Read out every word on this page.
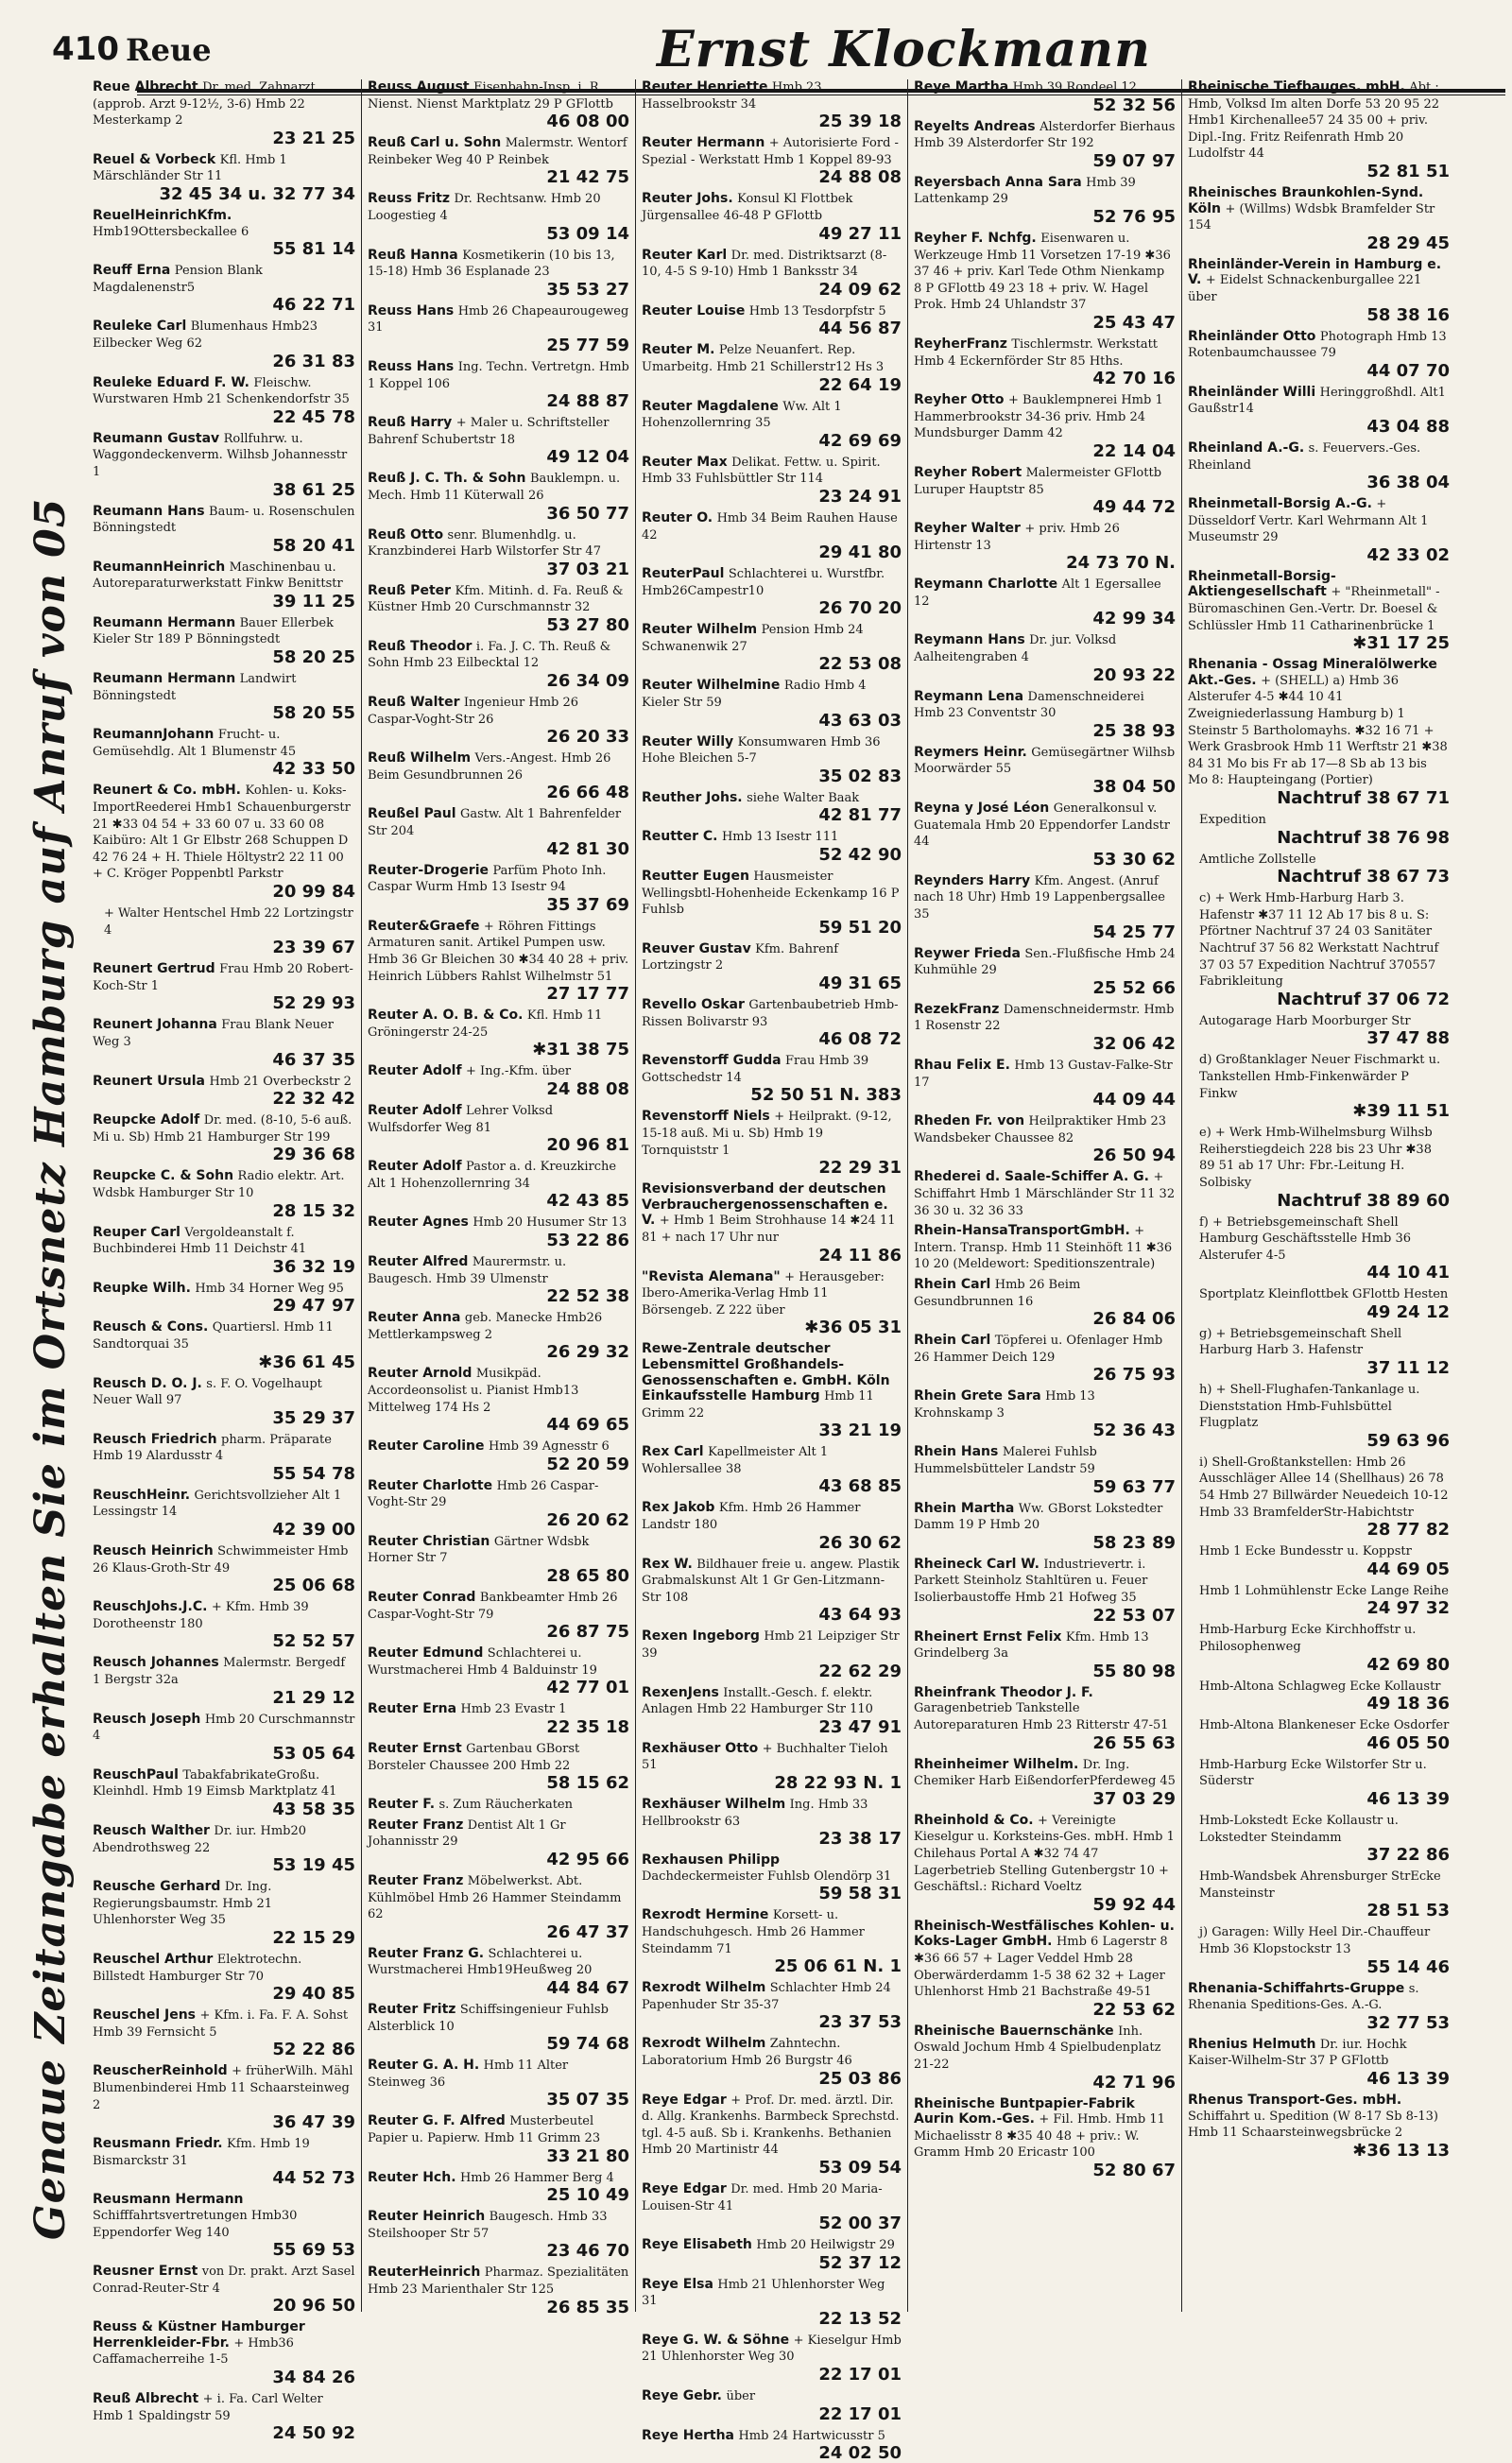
410 Reue	Ernst Klockmann
Genaue Zeitangabe erhalten Sie im Ortsnetz Hamburg auf Anruf von 05
Reue Albrecht Dr. med. Zahnarzt (approb. Arzt 9-12½, 3-6) Hmb 22 Mesterkamp 2
23 21 25
Reuel & Vorbeck Kfl. Hmb 1 Märschländer Str 11
32 45 34 u. 32 77 34
ReuelHeinrichKfm. Hmb19Ottersbeckallee 6
55 81 14
Reuff Erna Pension Blank Magdalenenstr5
46 22 71
Reuleke Carl Blumenhaus Hmb23 Eilbecker Weg 62
26 31 83
Reuleke Eduard F. W. Fleischw. Wurstwaren Hmb 21 Schenkendorfstr 35
22 45 78
Reumann Gustav Rollfuhrw. u. Waggondeckenverm. Wilhsb Johannesstr 1
38 61 25
Reumann Hans Baum- u. Rosenschulen Bönningstedt
58 20 41
ReumannHeinrich Maschinenbau u. Autoreparaturwerkstatt Finkw Benittstr
39 11 25
Reumann Hermann Bauer Ellerbek Kieler Str 189 P Bönningstedt
58 20 25
Reumann Hermann Landwirt Bönningstedt
58 20 55
ReumannJohann Frucht- u. Gemüsehdlg. Alt 1 Blumenstr 45
42 33 50
Reunert & Co. mbH. Kohlen- u. Koks-ImportReederei Hmb1 Schauenburgerstr 21 ✱33 04 54 + 33 60 07 u. 33 60 08 Kaibüro: Alt 1 Gr Elbstr 268 Schuppen D 42 76 24 + H. Thiele Höltystr2 22 11 00 + C. Kröger Poppenbtl Parkstr
20 99 84
+ Walter Hentschel Hmb 22 Lortzingstr 4
23 39 67
Reunert Gertrud Frau Hmb 20 Robert-Koch-Str 1
52 29 93
Reunert Johanna Frau Blank Neuer Weg 3
46 37 35
Reunert Ursula Hmb 21 Overbeckstr 2
22 32 42
Reupcke Adolf Dr. med. (8-10, 5-6 auß. Mi u. Sb) Hmb 21 Hamburger Str 199
29 36 68
Reupcke C. & Sohn Radio elektr. Art. Wdsbk Hamburger Str 10
28 15 32
Reuper Carl Vergoldeanstalt f. Buchbinderei Hmb 11 Deichstr 41
36 32 19
Reupke Wilh. Hmb 34 Horner Weg 95
29 47 97
Reusch & Cons. Quartiersl. Hmb 11 Sandtorquai 35
✱36 61 45
Reusch D. O. J. s. F. O. Vogelhaupt Neuer Wall 97
35 29 37
Reusch Friedrich pharm. Präparate Hmb 19 Alardusstr 4
55 54 78
ReuschHeinr. Gerichtsvollzieher Alt 1 Lessingstr 14
42 39 00
Reusch Heinrich Schwimmeister Hmb 26 Klaus-Groth-Str 49
25 06 68
ReuschJohs.J.C. + Kfm. Hmb 39 Dorotheenstr 180
52 52 57
Reusch Johannes Malermstr. Bergedf 1 Bergstr 32a
21 29 12
Reusch Joseph Hmb 20 Curschmannstr 4
53 05 64
ReuschPaul TabakfabrikateGroßu. Kleinhdl. Hmb 19 Eimsb Marktplatz 41
43 58 35
Reusch Walther Dr. iur. Hmb20 Abendrothsweg 22
53 19 45
Reusche Gerhard Dr. Ing. Regierungsbaumstr. Hmb 21 Uhlenhorster Weg 35
22 15 29
Reuschel Arthur Elektrotechn. Billstedt Hamburger Str 70
29 40 85
Reuschel Jens + Kfm. i. Fa. F. A. Sohst Hmb 39 Fernsicht 5
52 22 86
ReuscherReinhold + früherWilh. Mähl Blumenbinderei Hmb 11 Schaarsteinweg 2
36 47 39
Reusmann Friedr. Kfm. Hmb 19 Bismarckstr 31
44 52 73
Reusmann Hermann Schifffahrtsvertretungen Hmb30 Eppendorfer Weg 140
55 69 53
Reusner Ernst von Dr. prakt. Arzt Sasel Conrad-Reuter-Str 4
20 96 50
Reuss & Küstner Hamburger Herrenkleider-Fbr. + Hmb36 Caffamacherreihe 1-5
34 84 26
Reuß Albrecht + i. Fa. Carl Welter Hmb 1 Spaldingstr 59
24 50 92
Reuss August Eisenbahn-Insp. i. R. Nienst. Nienst Marktplatz 29 P GFlottb
46 08 00
Reuß Carl u. Sohn Malermstr. Wentorf Reinbeker Weg 40 P Reinbek
21 42 75
Reuss Fritz Dr. Rechtsanw. Hmb 20 Loogestieg 4
53 09 14
Reuß Hanna Kosmetikerin (10 bis 13, 15-18) Hmb 36 Esplanade 23
35 53 27
Reuss Hans Hmb 26 Chapeaurougeweg 31
25 77 59
Reuss Hans Ing. Techn. Vertretgn. Hmb 1 Koppel 106
24 88 87
Reuß Harry + Maler u. Schriftsteller Bahrenf Schubertstr 18
49 12 04
Reuß J. C. Th. & Sohn Bauklempn. u. Mech. Hmb 11 Küterwall 26
36 50 77
Reuß Otto senr. Blumenhdlg. u. Kranzbinderei Harb Wilstorfer Str 47
37 03 21
Reuß Peter Kfm. Mitinh. d. Fa. Reuß & Küstner Hmb 20 Curschmannstr 32
53 27 80
Reuß Theodor i. Fa. J. C. Th. Reuß & Sohn Hmb 23 Eilbecktal 12
26 34 09
Reuß Walter Ingenieur Hmb 26 Caspar-Voght-Str 26
26 20 33
Reuß Wilhelm Vers.-Angest. Hmb 26 Beim Gesundbrunnen 26
26 66 48
Reußel Paul Gastw. Alt 1 Bahrenfelder Str 204
42 81 30
Reuter-Drogerie Parfüm Photo Inh. Caspar Wurm Hmb 13 Isestr 94
35 37 69
Reuter&Graefe + Röhren Fittings Armaturen sanit. Artikel Pumpen usw. Hmb 36 Gr Bleichen 30 ✱34 40 28 + priv. Heinrich Lübbers Rahlst Wilhelmstr 51
27 17 77
Reuter A. O. B. & Co. Kfl. Hmb 11 Gröningerstr 24-25
✱31 38 75
Reuter Adolf + Ing.-Kfm. über
24 88 08
Reuter Adolf Lehrer Volksd Wulfsdorfer Weg 81
20 96 81
Reuter Adolf Pastor a. d. Kreuzkirche Alt 1 Hohenzollernring 34
42 43 85
Reuter Agnes Hmb 20 Husumer Str 13
53 22 86
Reuter Alfred Maurermstr. u. Baugesch. Hmb 39 Ulmenstr
22 52 38
Reuter Anna geb. Manecke Hmb26 Mettlerkampsweg 2
26 29 32
Reuter Arnold Musikpäd. Accordeonsolist u. Pianist Hmb13 Mittelweg 174 Hs 2
44 69 65
Reuter Caroline Hmb 39 Agnesstr 6
52 20 59
Reuter Charlotte Hmb 26 Caspar-Voght-Str 29
26 20 62
Reuter Christian Gärtner Wdsbk Horner Str 7
28 65 80
Reuter Conrad Bankbeamter Hmb 26 Caspar-Voght-Str 79
26 87 75
Reuter Edmund Schlachterei u. Wurstmacherei Hmb 4 Balduinstr 19
42 77 01
Reuter Erna Hmb 23 Evastr 1
22 35 18
Reuter Ernst Gartenbau GBorst Borsteler Chaussee 200 Hmb 22
58 15 62
Reuter F. s. Zum Räucherkaten
Reuter Franz Dentist Alt 1 Gr Johannisstr 29
42 95 66
Reuter Franz Möbelwerkst. Abt. Kühlmöbel Hmb 26 Hammer Steindamm 62
26 47 37
Reuter Franz G. Schlachterei u. Wurstmacherei Hmb19Heußweg 20
44 84 67
Reuter Fritz Schiffsingenieur Fuhlsb Alsterblick 10
59 74 68
Reuter G. A. H. Hmb 11 Alter Steinweg 36
35 07 35
Reuter G. F. Alfred Musterbeutel Papier u. Papierw. Hmb 11 Grimm 23
33 21 80
Reuter Hch. Hmb 26 Hammer Berg 4
25 10 49
Reuter Heinrich Baugesch. Hmb 33 Steilshooper Str 57
23 46 70
ReuterHeinrich Pharmaz. Spezialitäten Hmb 23 Marienthaler Str 125
26 85 35
Reuter Henriette Hmb 23 Hasselbrookstr 34
25 39 18
Reuter Hermann + Autorisierte Ford - Spezial - Werkstatt Hmb 1 Koppel 89-93
24 88 08
Reuter Johs. Konsul Kl Flottbek Jürgensallee 46-48 P GFlottb
49 27 11
Reuter Karl Dr. med. Distriktsarzt (8-10, 4-5 S 9-10) Hmb 1 Banksstr 34
24 09 62
Reuter Louise Hmb 13 Tesdorpfstr 5
44 56 87
Reuter M. Pelze Neuanfert. Rep. Umarbeitg. Hmb 21 Schillerstr12 Hs 3
22 64 19
Reuter Magdalene Ww. Alt 1 Hohenzollernring 35
42 69 69
Reuter Max Delikat. Fettw. u. Spirit. Hmb 33 Fuhlsbüttler Str 114
23 24 91
Reuter O. Hmb 34 Beim Rauhen Hause 42
29 41 80
ReuterPaul Schlachterei u. Wurstfbr. Hmb26Campestr10
26 70 20
Reuter Wilhelm Pension Hmb 24 Schwanenwik 27
22 53 08
Reuter Wilhelmine Radio Hmb 4 Kieler Str 59
43 63 03
Reuter Willy Konsumwaren Hmb 36 Hohe Bleichen 5-7
35 02 83
Reuther Johs. siehe Walter Baak
42 81 77
Reutter C. Hmb 13 Isestr 111
52 42 90
Reutter Eugen Hausmeister Wellingsbtl-Hohenheide Eckenkamp 16 P Fuhlsb
59 51 20
Reuver Gustav Kfm. Bahrenf Lortzingstr 2
49 31 65
Revello Oskar Gartenbaubetrieb Hmb-Rissen Bolivarstr 93
46 08 72
Revenstorff Gudda Frau Hmb 39 Gottschedstr 14
52 50 51 N. 383
Revenstorff Niels + Heilprakt. (9-12, 15-18 auß. Mi u. Sb) Hmb 19 Tornquiststr 1
22 29 31
Revisionsverband der deutschen Verbrauchergenossenschaften e. V. + Hmb 1 Beim Strohhause 14 ✱24 11 81 + nach 17 Uhr nur
24 11 86
"Revista Alemana" + Herausgeber: Ibero-Amerika-Verlag Hmb 11 Börsengeb. Z 222 über
✱36 05 31
Rewe-Zentrale deutscher Lebensmittel Großhandels-Genossenschaften e. GmbH. Köln Einkaufsstelle Hamburg Hmb 11 Grimm 22
33 21 19
Rex Carl Kapellmeister Alt 1 Wohlersallee 38
43 68 85
Rex Jakob Kfm. Hmb 26 Hammer Landstr 180
26 30 62
Rex W. Bildhauer freie u. angew. Plastik Grabmalskunst Alt 1 Gr Gen-Litzmann-Str 108
43 64 93
Rexen Ingeborg Hmb 21 Leipziger Str 39
22 62 29
RexenJens Installt.-Gesch. f. elektr. Anlagen Hmb 22 Hamburger Str 110
23 47 91
Rexhäuser Otto + Buchhalter Tieloh 51
28 22 93 N. 1
Rexhäuser Wilhelm Ing. Hmb 33 Hellbrookstr 63
23 38 17
Rexhausen Philipp Dachdeckermeister Fuhlsb Olendörp 31
59 58 31
Rexrodt Hermine Korsett- u. Handschuhgesch. Hmb 26 Hammer Steindamm 71
25 06 61 N. 1
Rexrodt Wilhelm Schlachter Hmb 24 Papenhuder Str 35-37
23 37 53
Rexrodt Wilhelm Zahntechn. Laboratorium Hmb 26 Burgstr 46
25 03 86
Reye Edgar + Prof. Dr. med. ärztl. Dir. d. Allg. Krankenhs. Barmbeck Sprechstd. tgl. 4-5 auß. Sb i. Krankenhs. Bethanien Hmb 20 Martinistr 44
53 09 54
Reye Edgar Dr. med. Hmb 20 Maria-Louisen-Str 41
52 00 37
Reye Elisabeth Hmb 20 Heilwigstr 29
52 37 12
Reye Elsa Hmb 21 Uhlenhorster Weg 31
22 13 52
Reye G. W. & Söhne + Kieselgur Hmb 21 Uhlenhorster Weg 30
22 17 01
Reye Gebr. über
22 17 01
Reye Hertha Hmb 24 Hartwicusstr 5
24 02 50
Reye Martha Hmb 39 Rondeel 12
52 32 56
Reyelts Andreas Alsterdorfer Bierhaus Hmb 39 Alsterdorfer Str 192
59 07 97
Reyersbach Anna Sara Hmb 39 Lattenkamp 29
52 76 95
Reyher F. Nchfg. Eisenwaren u. Werkzeuge Hmb 11 Vorsetzen 17-19 ✱36 37 46 + priv. Karl Tede Othm Nienkamp 8 P GFlottb 49 23 18 + priv. W. Hagel Prok. Hmb 24 Uhlandstr 37
25 43 47
ReyherFranz Tischlermstr. Werkstatt Hmb 4 Eckernförder Str 85 Hths.
42 70 16
Reyher Otto + Bauklempnerei Hmb 1 Hammerbrookstr 34-36 priv. Hmb 24 Mundsburger Damm 42
22 14 04
Reyher Robert Malermeister GFlottb Luruper Hauptstr 85
49 44 72
Reyher Walter + priv. Hmb 26 Hirtenstr 13
24 73 70 N.
Reymann Charlotte Alt 1 Egersallee 12
42 99 34
Reymann Hans Dr. jur. Volksd Aalheitengraben 4
20 93 22
Reymann Lena Damenschneiderei Hmb 23 Conventstr 30
25 38 93
Reymers Heinr. Gemüsegärtner Wilhsb Moorwärder 55
38 04 50
Reyna y José Léon Generalkonsul v. Guatemala Hmb 20 Eppendorfer Landstr 44
53 30 62
Reynders Harry Kfm. Angest. (Anruf nach 18 Uhr) Hmb 19 Lappenbergsallee 35
54 25 77
Reywer Frieda Sen.-Flußfische Hmb 24 Kuhmühle 29
25 52 66
RezekFranz Damenschneidermstr. Hmb 1 Rosenstr 22
32 06 42
Rhau Felix E. Hmb 13 Gustav-Falke-Str 17
44 09 44
Rheden Fr. von Heilpraktiker Hmb 23 Wandsbeker Chaussee 82
26 50 94
Rhederei d. Saale-Schiffer A. G. + Schiffahrt Hmb 1 Märschländer Str 11 32 36 30 u. 32 36 33
Rhein-HansaTransportGmbH. + Intern. Transp. Hmb 11 Steinhöft 11 ✱36 10 20 (Meldewort: Speditionszentrale)
Rhein Carl Hmb 26 Beim Gesundbrunnen 16
26 84 06
Rhein Carl Töpferei u. Ofenlager Hmb 26 Hammer Deich 129
26 75 93
Rhein Grete Sara Hmb 13 Krohnskamp 3
52 36 43
Rhein Hans Malerei Fuhlsb Hummelsbütteler Landstr 59
59 63 77
Rhein Martha Ww. GBorst Lokstedter Damm 19 P Hmb 20
58 23 89
Rheineck Carl W. Industrievertr. i. Parkett Steinholz Stahltüren u. Feuer Isolierbaustoffe Hmb 21 Hofweg 35
22 53 07
Rheinert Ernst Felix Kfm. Hmb 13 Grindelberg 3a
55 80 98
Rheinfrank Theodor J. F. Garagenbetrieb Tankstelle Autoreparaturen Hmb 23 Ritterstr 47-51
26 55 63
Rheinheimer Wilhelm. Dr. Ing. Chemiker Harb EißendorferPferdeweg 45
37 03 29
Rheinhold & Co. + Vereinigte Kieselgur u. Korksteins-Ges. mbH. Hmb 1 Chilehaus Portal A ✱32 74 47 Lagerbetrieb Stelling Gutenbergstr 10 + Geschäftsl.: Richard Voeltz
59 92 44
Rheinisch-Westfälisches Kohlen- u. Koks-Lager GmbH. Hmb 6 Lagerstr 8 ✱36 66 57 + Lager Veddel Hmb 28 Oberwärderdamm 1-5 38 62 32 + Lager Uhlenhorst Hmb 21 Bachstraße 49-51
22 53 62
Rheinische Bauernschänke Inh. Oswald Jochum Hmb 4 Spielbudenplatz 21-22
42 71 96
Rheinische Buntpapier-Fabrik Aurin Kom.-Ges. + Fil. Hmb. Hmb 11 Michaelisstr 8 ✱35 40 48 + priv.: W. Gramm Hmb 20 Ericastr 100
52 80 67
Rheinische Tiefbauges. mbH. Abt.: Hmb, Volksd Im alten Dorfe 53 20 95 22 Hmb1 Kirchenallee57 24 35 00 + priv. Dipl.-Ing. Fritz Reifenrath Hmb 20 Ludolfstr 44
52 81 51
Rheinisches Braunkohlen-Synd. Köln + (Willms) Wdsbk Bramfelder Str 154
28 29 45
Rheinländer-Verein in Hamburg e. V. + Eidelst Schnackenburgallee 221 über
58 38 16
Rheinländer Otto Photograph Hmb 13 Rotenbaumchaussee 79
44 07 70
Rheinländer Willi Heringgroßhdl. Alt1 Gaußstr14
43 04 88
Rheinland A.-G. s. Feuervers.-Ges. Rheinland
36 38 04
Rheinmetall-Borsig A.-G. + Düsseldorf Vertr. Karl Wehrmann Alt 1 Museumstr 29
42 33 02
Rheinmetall-Borsig-Aktiengesellschaft + "Rheinmetall" - Büromaschinen Gen.-Vertr. Dr. Boesel & Schlüssler Hmb 11 Catharinenbrücke 1
✱31 17 25
Rhenania - Ossag Mineralölwerke Akt.-Ges. + (SHELL) a) Hmb 36 Alsterufer 4-5 ✱44 10 41 Zweigniederlassung Hamburg b) 1 Steinstr 5 Bartholomayhs. ✱32 16 71 + Werk Grasbrook Hmb 11 Werftstr 21 ✱38 84 31 Mo bis Fr ab 17—8 Sb ab 13 bis Mo 8: Haupteingang (Portier)
Nachtruf 38 67 71
Expedition
Nachtruf 38 76 98
Amtliche Zollstelle
Nachtruf 38 67 73
c) + Werk Hmb-Harburg Harb 3. Hafenstr ✱37 11 12 Ab 17 bis 8 u. S: Pförtner Nachtruf 37 24 03 Sanitäter Nachtruf 37 56 82 Werkstatt Nachtruf 37 03 57 Expedition Nachtruf 370557 Fabrikleitung
Nachtruf 37 06 72
Autogarage Harb Moorburger Str
37 47 88
d) Großtanklager Neuer Fischmarkt u. Tankstellen Hmb-Finkenwärder P Finkw
✱39 11 51
e) + Werk Hmb-Wilhelmsburg Wilhsb Reiherstiegdeich 228 bis 23 Uhr ✱38 89 51 ab 17 Uhr: Fbr.-Leitung H. Solbisky
Nachtruf 38 89 60
f) + Betriebsgemeinschaft Shell Hamburg Geschäftsstelle Hmb 36 Alsterufer 4-5
44 10 41
Sportplatz Kleinflottbek GFlottb Hesten
49 24 12
g) + Betriebsgemeinschaft Shell Harburg Harb 3. Hafenstr
37 11 12
h) + Shell-Flughafen-Tankanlage u. Dienststation Hmb-Fuhlsbüttel Flugplatz
59 63 96
i) Shell-Großtankstellen: Hmb 26 Ausschläger Allee 14 (Shellhaus) 26 78 54 Hmb 27 Billwärder Neuedeich 10-12 Hmb 33 BramfelderStr-Habichtstr
28 77 82
Hmb 1 Ecke Bundesstr u. Koppstr
44 69 05
Hmb 1 Lohmühlenstr Ecke Lange Reihe
24 97 32
Hmb-Harburg Ecke Kirchhoffstr u. Philosophenweg
42 69 80
Hmb-Altona Schlagweg Ecke Kollaustr
49 18 36
Hmb-Altona Blankeneser Ecke Osdorfer
46 05 50
Hmb-Harburg Ecke Wilstorfer Str u. Süderstr
46 13 39
Hmb-Lokstedt Ecke Kollaustr u. Lokstedter Steindamm
37 22 86
Hmb-Wandsbek Ahrensburger StrEcke Mansteinstr
28 51 53
j) Garagen: Willy Heel Dir.-Chauffeur Hmb 36 Klopstockstr 13
55 14 46
Rhenania-Schiffahrts-Gruppe s. Rhenania Speditions-Ges. A.-G.
32 77 53
Rhenius Helmuth Dr. iur. Hochk Kaiser-Wilhelm-Str 37 P GFlottb
46 13 39
Rhenus Transport-Ges. mbH. Schiffahrt u. Spedition (W 8-17 Sb 8-13) Hmb 11 Schaarsteinwegsbrücke 2
✱36 13 13
